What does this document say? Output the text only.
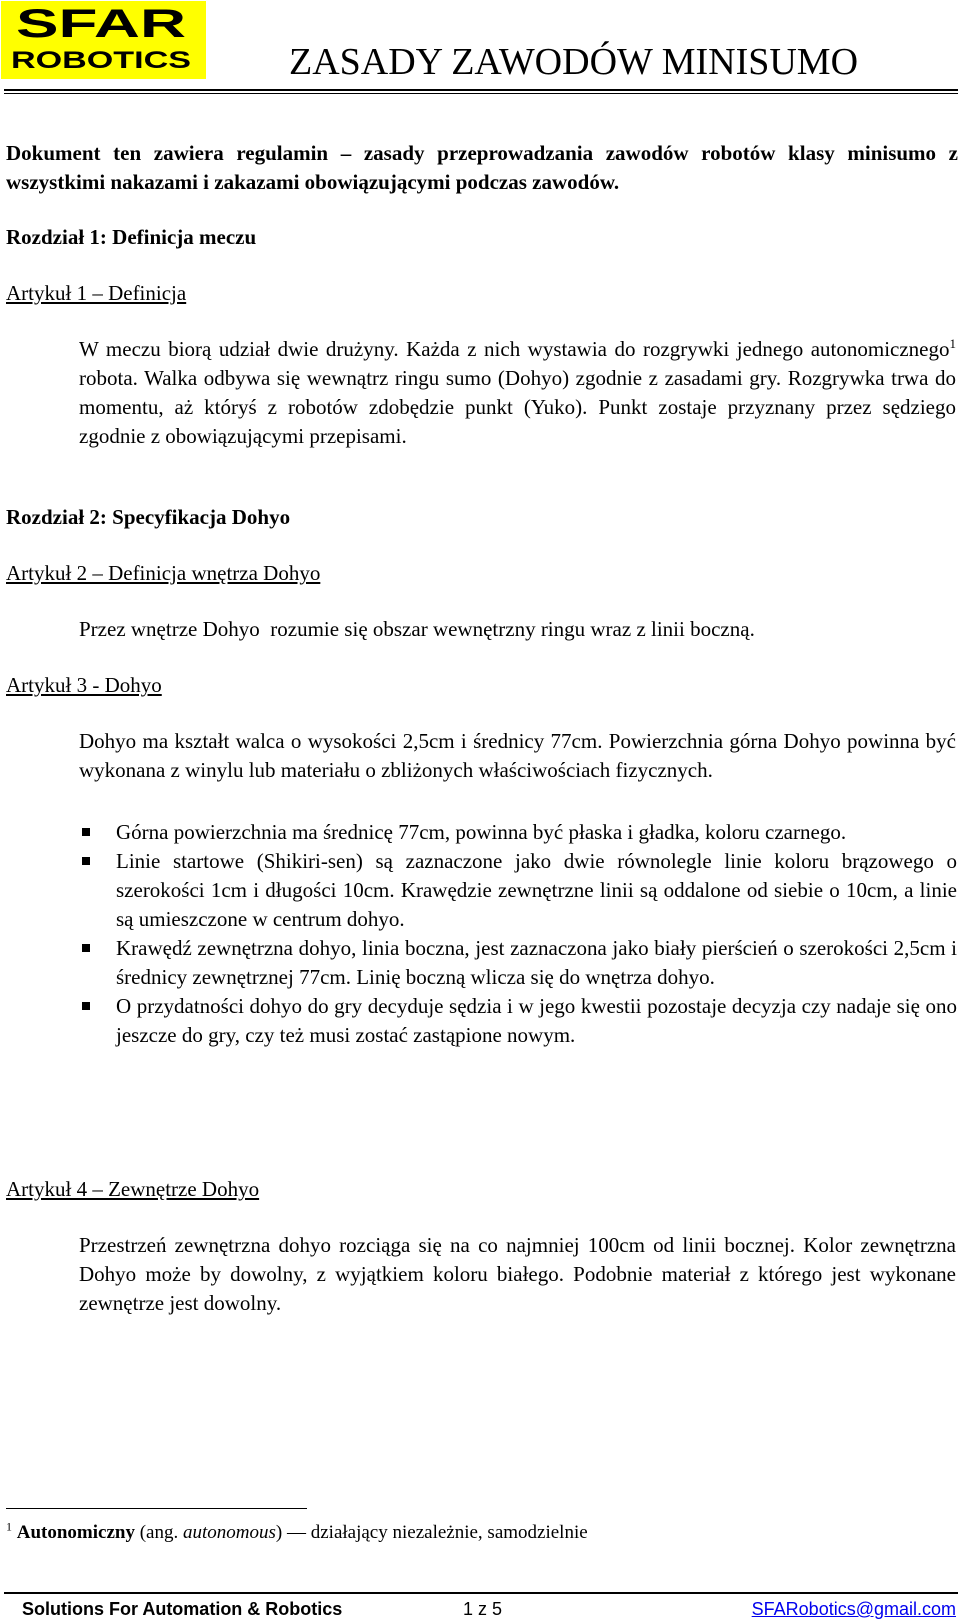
SFAR
ROBOTICS	ZASADY ZAWODÓW MINISUMO

Dokument ten zawiera regulamin – zasady przeprowadzania zawodów robotów klasy minisumo z wszystkimi nakazami i zakazami obowiązującymi podczas zawodów.

Rozdział 1: Definicja meczu

Artykuł 1 – Definicja

W meczu biorą udział dwie drużyny. Każda z nich wystawia do rozgrywki jednego autonomicznego$^1$ robota. Walka odbywa się wewnątrz ringu sumo (Dohyo) zgodnie z zasadami gry. Rozgrywka trwa do momentu, aż któryś z robotów zdobędzie punkt (Yuko). Punkt zostaje przyznany przez sędziego zgodnie z obowiązującymi przepisami.

Rozdział 2: Specyfikacja Dohyo

Artykuł 2 – Definicja wnętrza Dohyo

Przez wnętrze Dohyo  rozumie się obszar wewnętrzny ringu wraz z linii boczną.

Artykuł 3 - Dohyo

Dohyo ma kształt walca o wysokości 2,5cm i średnicy 77cm. Powierzchnia górna Dohyo powinna być wykonana z winylu lub materiału o zbliżonych właściwościach fizycznych.

Górna powierzchnia ma średnicę 77cm, powinna być płaska i gładka, koloru czarnego.
Linie startowe (Shikiri-sen) są zaznaczone jako dwie równolegle linie koloru brązowego o szerokości 1cm i długości 10cm. Krawędzie zewnętrzne linii są oddalone od siebie o 10cm, a linie są umieszczone w centrum dohyo.
Krawędź zewnętrzna dohyo, linia boczna, jest zaznaczona jako biały pierścień o szerokości 2,5cm i średnicy zewnętrznej 77cm. Linię boczną wlicza się do wnętrza dohyo.
O przydatności dohyo do gry decyduje sędzia i w jego kwestii pozostaje decyzja czy nadaje się ono jeszcze do gry, czy też musi zostać zastąpione nowym.

Artykuł 4 – Zewnętrze Dohyo

Przestrzeń zewnętrzna dohyo rozciąga się na co najmniej 100cm od linii bocznej. Kolor zewnętrzna Dohyo może by dowolny, z wyjątkiem koloru białego. Podobnie materiał z którego jest wykonane zewnętrze jest dowolny.

$^1$ Autonomiczny (ang. autonomous) — działający niezależnie, samodzielnie
Solutions For Automation & Robotics	1 z 5	SFARobotics@gmail.com
